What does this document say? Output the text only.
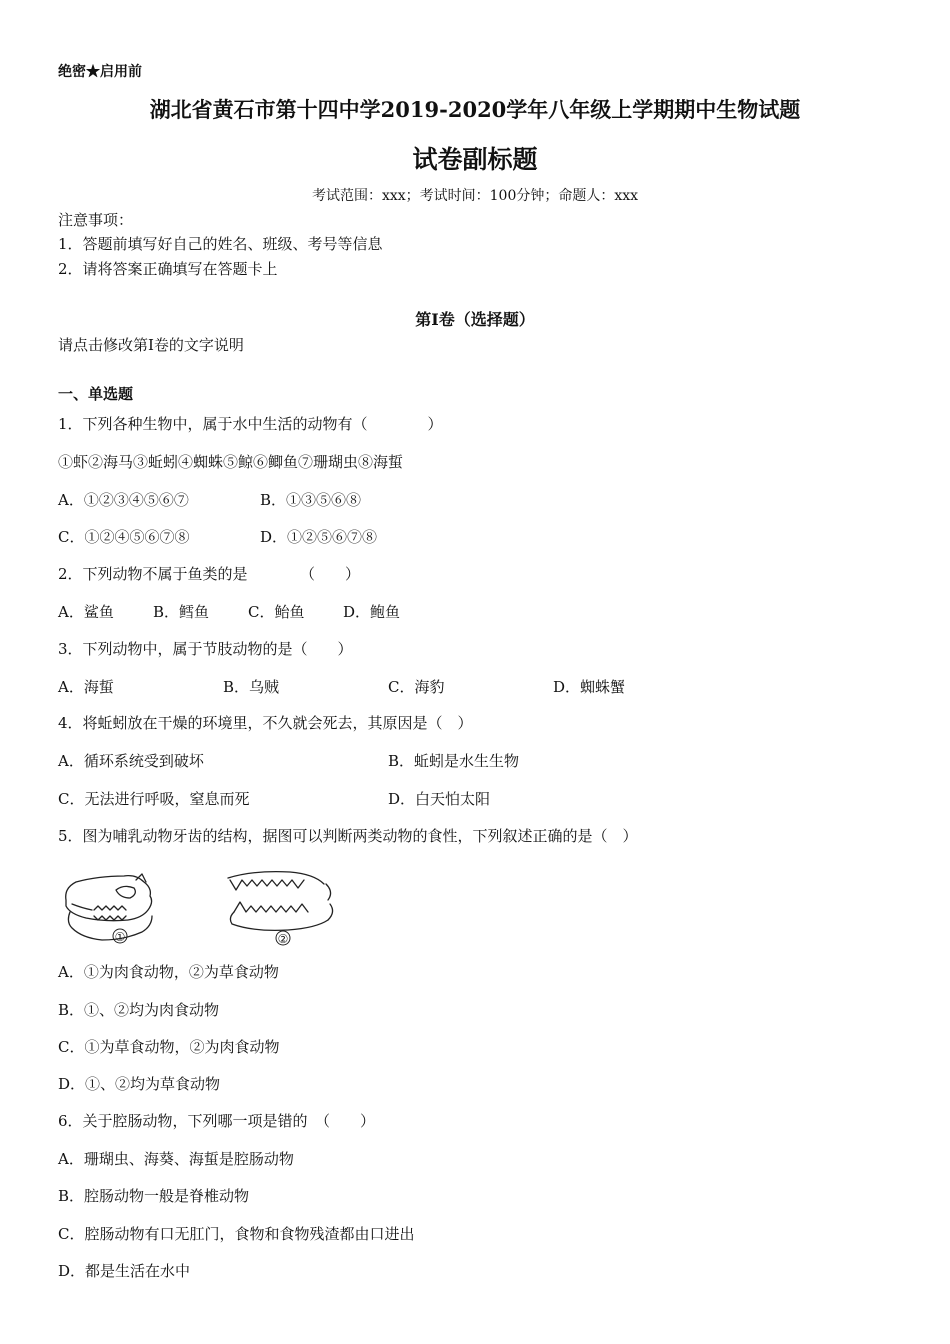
绝密★启用前
湖北省黄石市第十四中学2019-2020学年八年级上学期期中生物试题
试卷副标题
考试范围：xxx；考试时间：100分钟；命题人：xxx
注意事项：
1．答题前填写好自己的姓名、班级、考号等信息
2．请将答案正确填写在答题卡上
第I卷（选择题）
请点击修改第I卷的文字说明
一、单选题
1．下列各种生物中，属于水中生活的动物有（　　　　）
①虾②海马③蚯蚓④蜘蛛⑤鲸⑥鲫鱼⑦珊瑚虫⑧海蜇
A．①②③④⑤⑥⑦	B．①③⑤⑥⑧
C．①②④⑤⑥⑦⑧	D．①②⑤⑥⑦⑧
2．下列动物不属于鱼类的是　　　　（　　）
A．鲨鱼	B．鳕鱼	C．鲐鱼	D．鲍鱼
3．下列动物中，属于节肢动物的是（　　）
A．海蜇	B．乌贼	C．海豹	D．蜘蛛蟹
4．将蚯蚓放在干燥的环境里，不久就会死去，其原因是（　）
A．循环系统受到破坏	B．蚯蚓是水生生物
C．无法进行呼吸，窒息而死	D．白天怕太阳
5．图为哺乳动物牙齿的结构，据图可以判断两类动物的食性，下列叙述正确的是（　）
①	②
A．①为肉食动物，②为草食动物
B．①、②均为肉食动物
C．①为草食动物，②为肉食动物
D．①、②均为草食动物
6．关于腔肠动物，下列哪一项是错的　（　　）
A．珊瑚虫、海葵、海蜇是腔肠动物
B．腔肠动物一般是脊椎动物
C．腔肠动物有口无肛门，食物和食物残渣都由口进出
D．都是生活在水中
